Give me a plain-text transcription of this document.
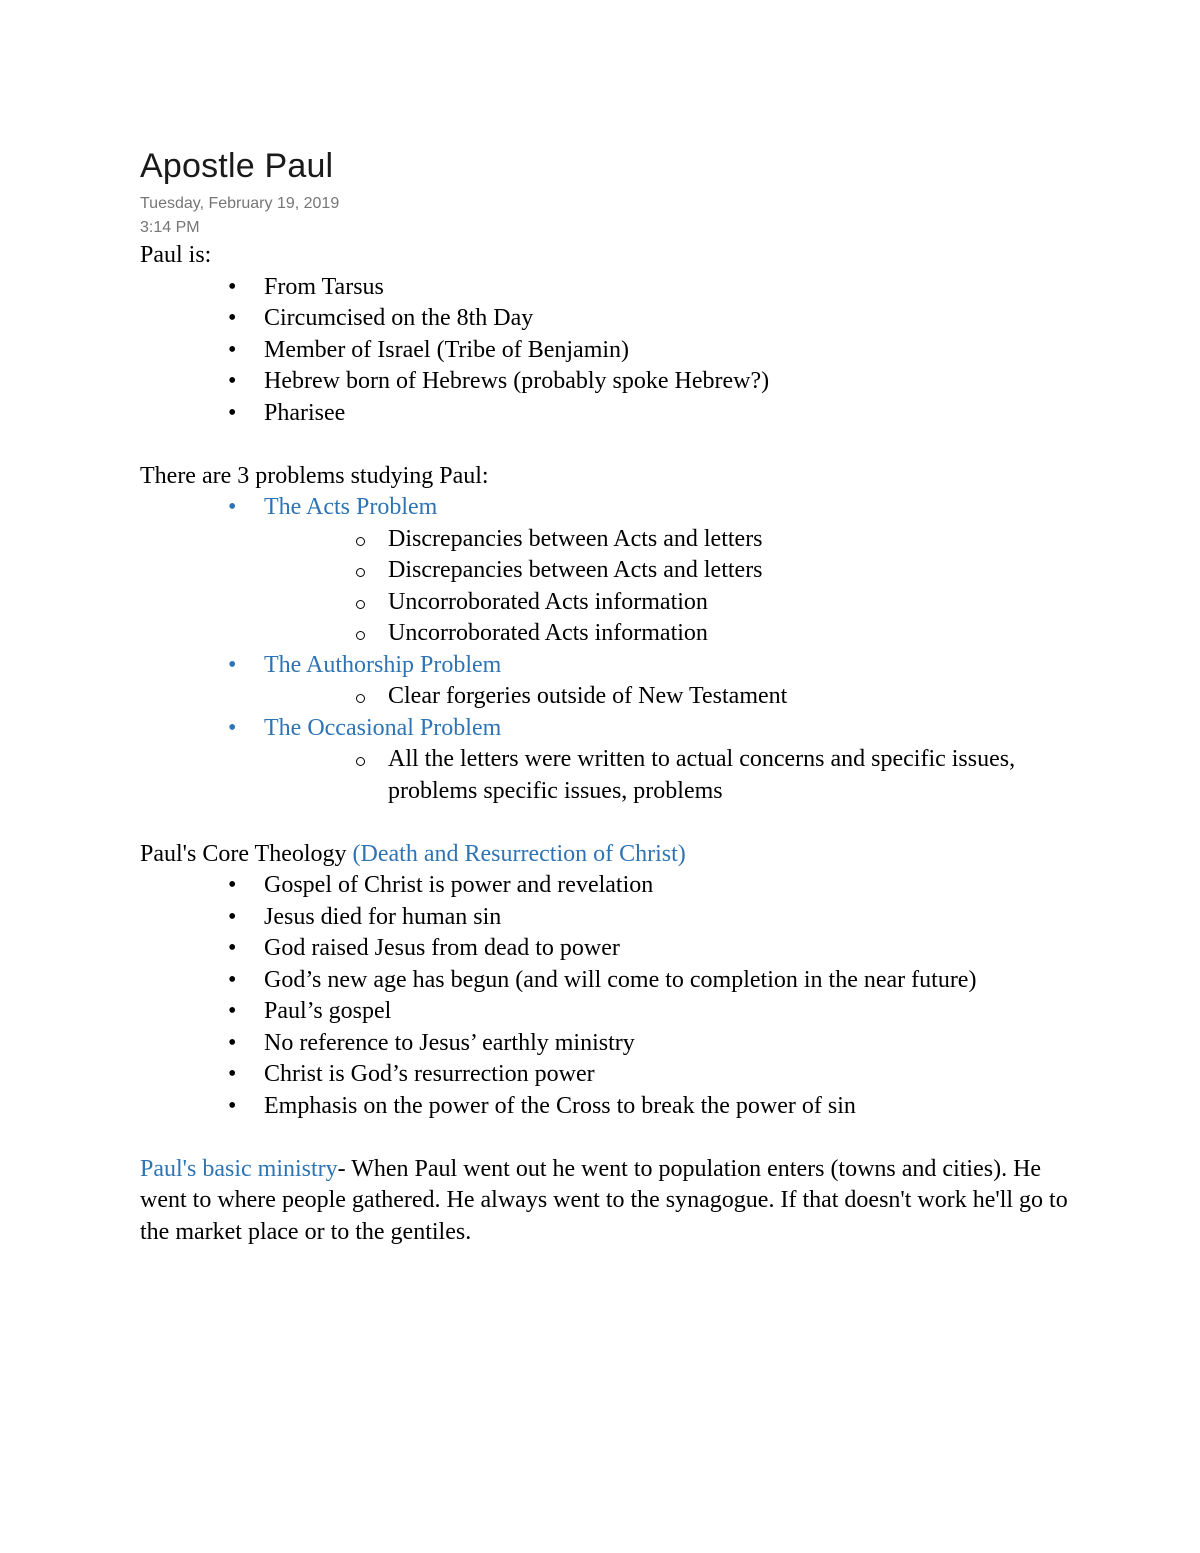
Apostle Paul
Tuesday, February 19, 2019
3:14 PM

Paul is:

• From Tarsus
• Circumcised on the 8th Day
• Member of Israel (Tribe of Benjamin)
• Hebrew born of Hebrews (probably spoke Hebrew?)
• Pharisee

There are 3 problems studying Paul:

• The Acts Problem
Discrepancies between Acts and letters
Discrepancies between Acts and letters
Uncorroborated Acts information
Uncorroborated Acts information
• The Authorship Problem
Clear forgeries outside of New Testament
• The Occasional Problem
All the letters were written to actual concerns and specific issues, problems specific issues, problems

Paul's Core Theology (Death and Resurrection of Christ)

• Gospel of Christ is power and revelation
• Jesus died for human sin
• God raised Jesus from dead to power
• God’s new age has begun (and will come to completion in the near future)
• Paul’s gospel
• No reference to Jesus’ earthly ministry
• Christ is God’s resurrection power
• Emphasis on the power of the Cross to break the power of sin

Paul's basic ministry- When Paul went out he went to population enters (towns and cities). He went to where people gathered. He always went to the synagogue. If that doesn't work he'll go to the market place or to the gentiles.
